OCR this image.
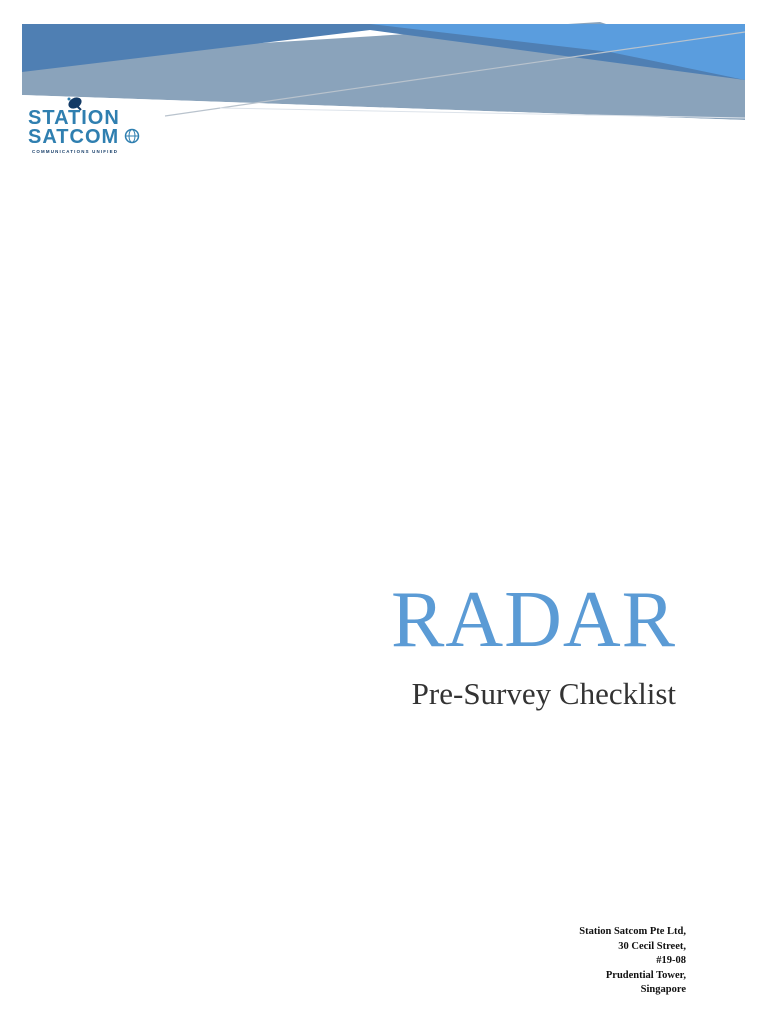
STATION
SATCOM
COMMUNICATIONS UNIFIED
RADAR
Pre-Survey Checklist
Station Satcom Pte Ltd,
30 Cecil Street,
#19-08
Prudential Tower,
Singapore
